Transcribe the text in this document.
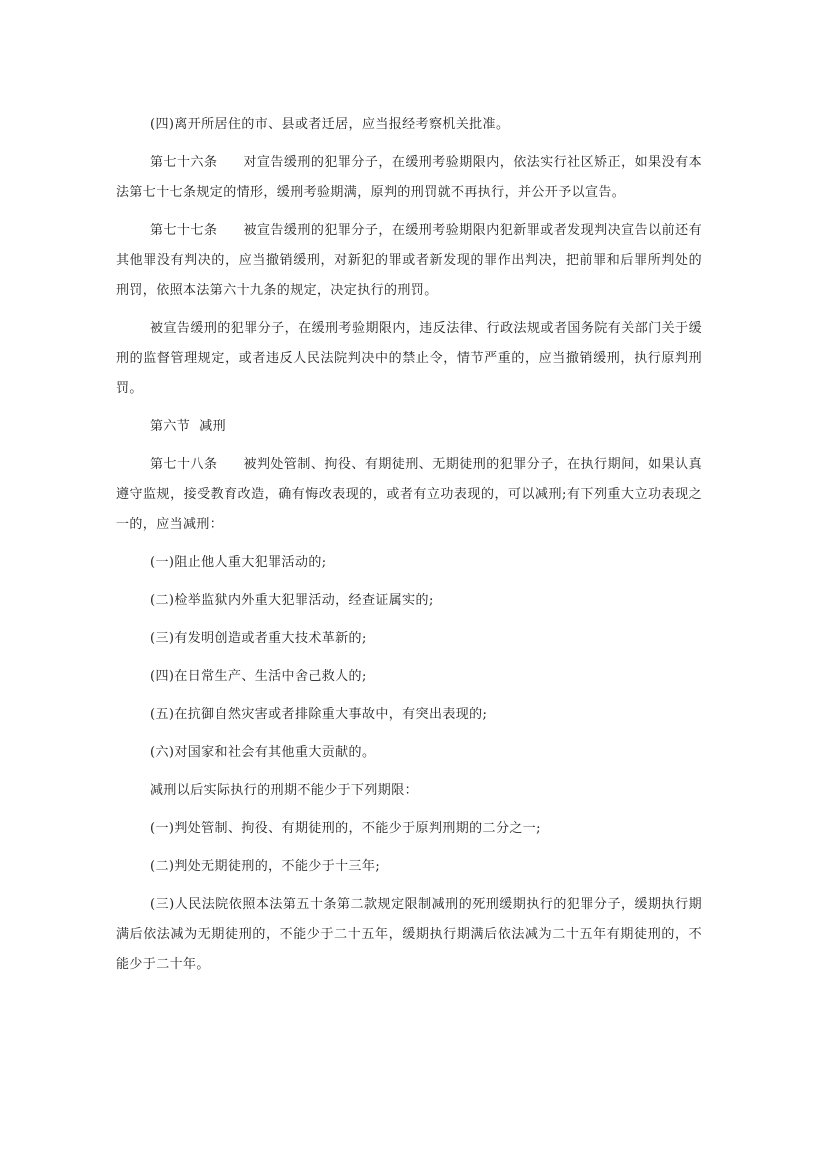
(四)离开所居住的市、县或者迁居，应当报经考察机关批准。

第七十六条 对宣告缓刑的犯罪分子，在缓刑考验期限内，依法实行社区矫正，如果没有本法第七十七条规定的情形，缓刑考验期满，原判的刑罚就不再执行，并公开予以宣告。

第七十七条 被宣告缓刑的犯罪分子，在缓刑考验期限内犯新罪或者发现判决宣告以前还有其他罪没有判决的，应当撤销缓刑，对新犯的罪或者新发现的罪作出判决，把前罪和后罪所判处的刑罚，依照本法第六十九条的规定，决定执行的刑罚。

被宣告缓刑的犯罪分子，在缓刑考验期限内，违反法律、行政法规或者国务院有关部门关于缓刑的监督管理规定，或者违反人民法院判决中的禁止令，情节严重的，应当撤销缓刑，执行原判刑罚。

第六节  减刑

第七十八条 被判处管制、拘役、有期徒刑、无期徒刑的犯罪分子，在执行期间，如果认真遵守监规，接受教育改造，确有悔改表现的，或者有立功表现的，可以减刑;有下列重大立功表现之一的，应当减刑：

(一)阻止他人重大犯罪活动的;

(二)检举监狱内外重大犯罪活动，经查证属实的;

(三)有发明创造或者重大技术革新的;

(四)在日常生产、生活中舍己救人的;

(五)在抗御自然灾害或者排除重大事故中，有突出表现的;

(六)对国家和社会有其他重大贡献的。

减刑以后实际执行的刑期不能少于下列期限：

(一)判处管制、拘役、有期徒刑的，不能少于原判刑期的二分之一;

(二)判处无期徒刑的，不能少于十三年;

(三)人民法院依照本法第五十条第二款规定限制减刑的死刑缓期执行的犯罪分子，缓期执行期满后依法减为无期徒刑的，不能少于二十五年，缓期执行期满后依法减为二十五年有期徒刑的，不能少于二十年。
